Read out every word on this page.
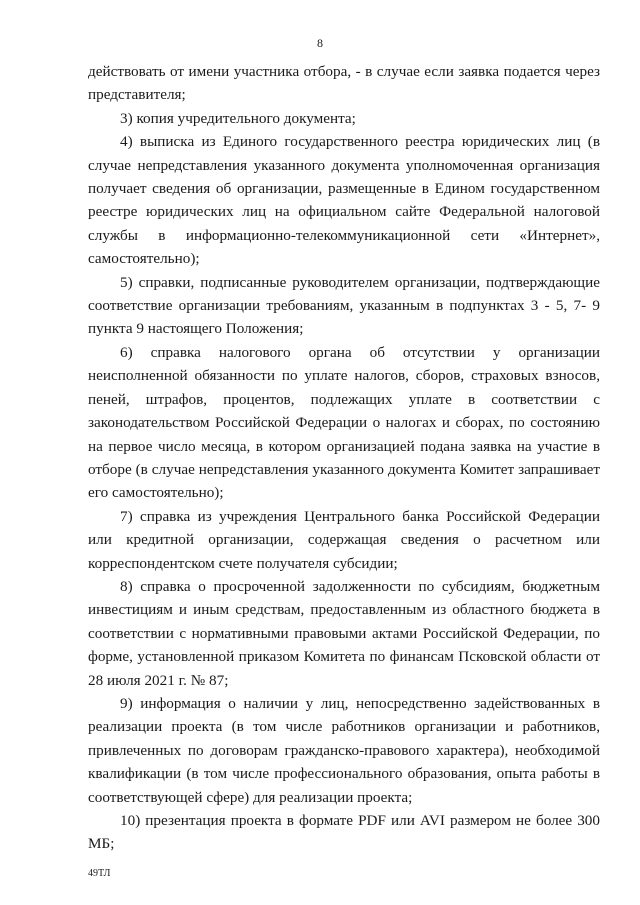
8

действовать от имени участника отбора, - в случае если заявка подается через представителя;

3) копия учредительного документа;

4) выписка из Единого государственного реестра юридических лиц (в случае непредставления указанного документа уполномоченная организация получает сведения об организации, размещенные в Едином государственном реестре юридических лиц на официальном сайте Федеральной налоговой службы в информационно-телекоммуникационной сети «Интернет», самостоятельно);

5) справки, подписанные руководителем организации, подтверждающие соответствие организации требованиям, указанным в подпунктах 3 - 5, 7- 9 пункта 9 настоящего Положения;

6) справка налогового органа об отсутствии у организации неисполненной обязанности по уплате налогов, сборов, страховых взносов, пеней, штрафов, процентов, подлежащих уплате в соответствии с законодательством Российской Федерации о налогах и сборах, по состоянию на первое число месяца, в котором организацией подана заявка на участие в отборе (в случае непредставления указанного документа Комитет запрашивает его самостоятельно);

7) справка из учреждения Центрального банка Российской Федерации или кредитной организации, содержащая сведения о расчетном или корреспондентском счете получателя субсидии;

8) справка о просроченной задолженности по субсидиям, бюджетным инвестициям и иным средствам, предоставленным из областного бюджета в соответствии с нормативными правовыми актами Российской Федерации, по форме, установленной приказом Комитета по финансам Псковской области от 28 июля 2021 г. № 87;

9) информация о наличии у лиц, непосредственно задействованных в реализации проекта (в том числе работников организации и работников, привлеченных по договорам гражданско-правового характера), необходимой квалификации (в том числе профессионального образования, опыта работы в соответствующей сфере) для реализации проекта;

10) презентация проекта в формате PDF или AVI размером не более 300 МБ;

49ТЛ
